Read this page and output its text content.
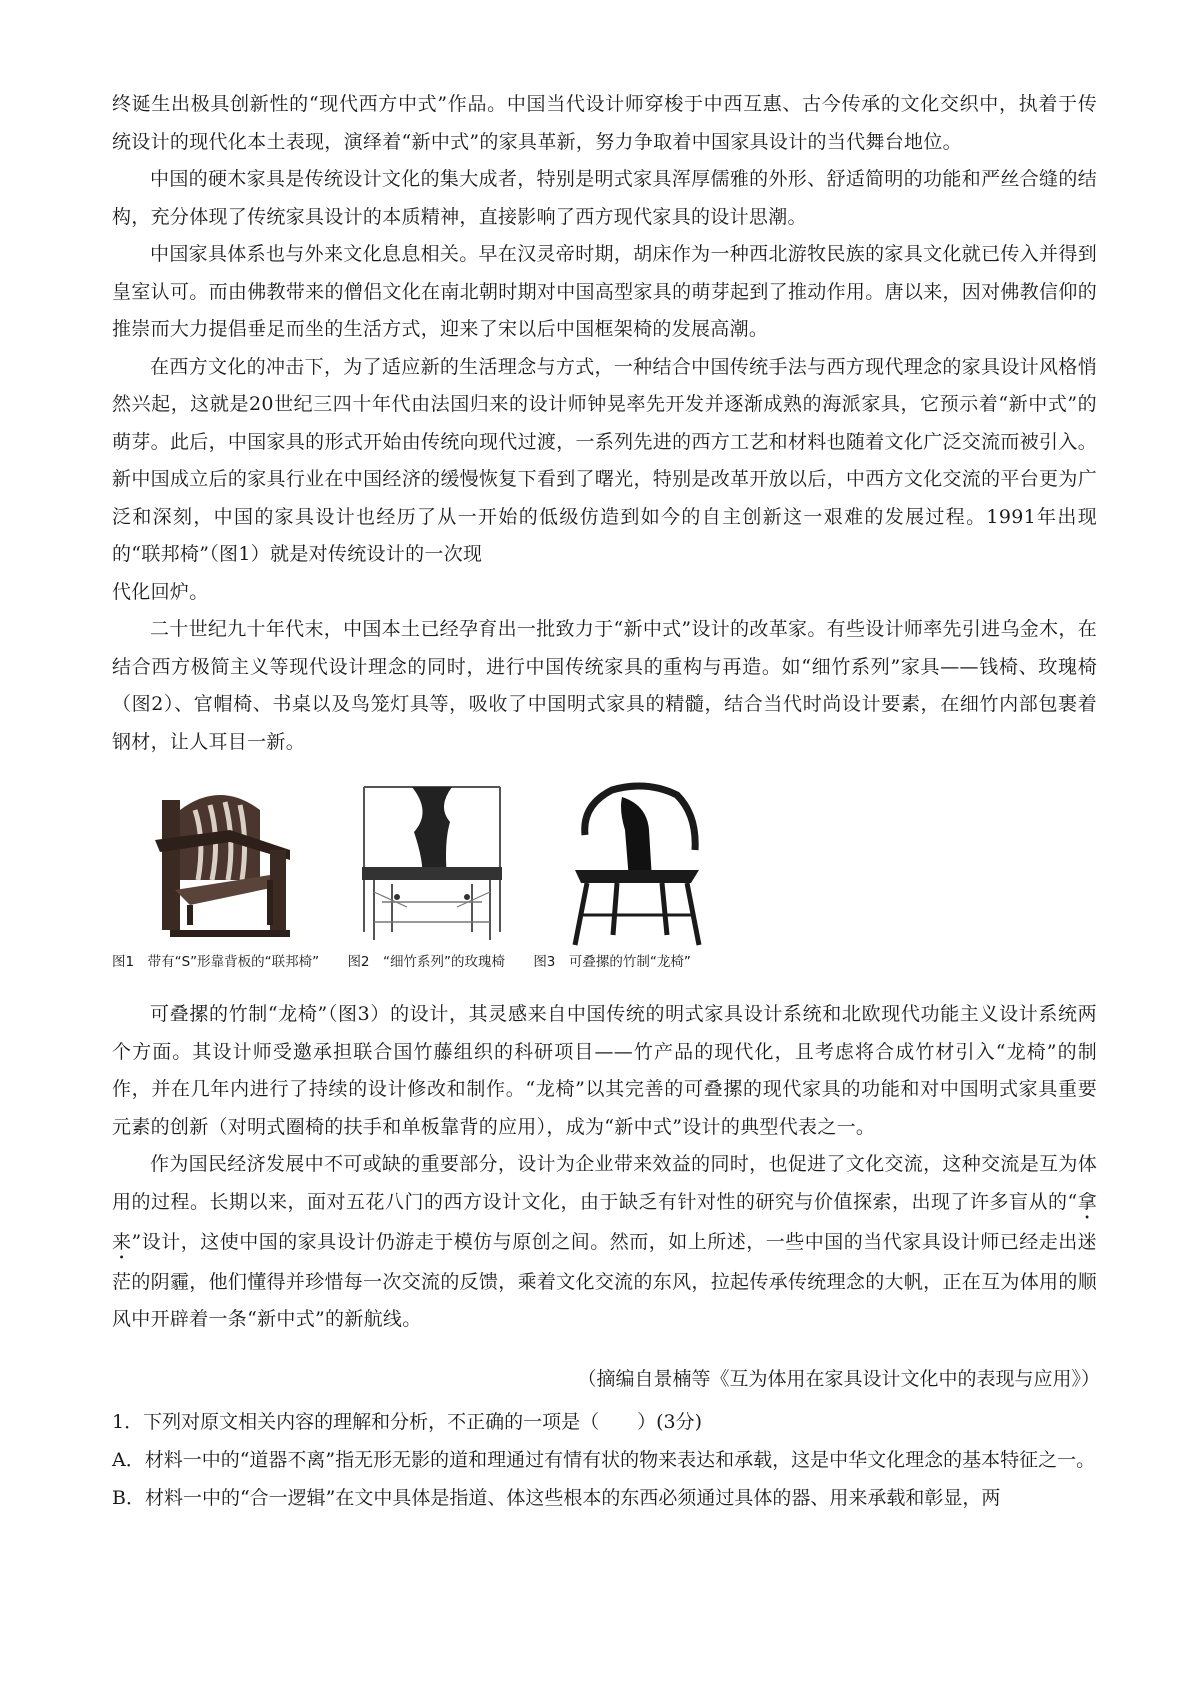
终诞生出极具创新性的“现代西方中式”作品。中国当代设计师穿梭于中西互惠、古今传承的文化交织中，执着于传统设计的现代化本土表现，演绎着“新中式”的家具革新，努力争取着中国家具设计的当代舞台地位。

中国的硬木家具是传统设计文化的集大成者，特别是明式家具浑厚儒雅的外形、舒适简明的功能和严丝合缝的结构，充分体现了传统家具设计的本质精神，直接影响了西方现代家具的设计思潮。

中国家具体系也与外来文化息息相关。早在汉灵帝时期，胡床作为一种西北游牧民族的家具文化就已传入并得到皇室认可。而由佛教带来的僧侣文化在南北朝时期对中国高型家具的萌芽起到了推动作用。唐以来，因对佛教信仰的推崇而大力提倡垂足而坐的生活方式，迎来了宋以后中国框架椅的发展高潮。

在西方文化的冲击下，为了适应新的生活理念与方式，一种结合中国传统手法与西方现代理念的家具设计风格悄然兴起，这就是20世纪三四十年代由法国归来的设计师钟晃率先开发并逐渐成熟的海派家具，它预示着“新中式”的萌芽。此后，中国家具的形式开始由传统向现代过渡，一系列先进的西方工艺和材料也随着文化广泛交流而被引入。新中国成立后的家具行业在中国经济的缓慢恢复下看到了曙光，特别是改革开放以后，中西方文化交流的平台更为广泛和深刻，中国的家具设计也经历了从一开始的低级仿造到如今的自主创新这一艰难的发展过程。1991年出现的“联邦椅”（图1）就是对传统设计的一次现

代化回炉。

二十世纪九十年代末，中国本土已经孕育出一批致力于“新中式”设计的改革家。有些设计师率先引进乌金木，在结合西方极简主义等现代设计理念的同时，进行中国传统家具的重构与再造。如“细竹系列”家具——钱椅、玫瑰椅（图2）、官帽椅、书桌以及鸟笼灯具等，吸收了中国明式家具的精髓，结合当代时尚设计要素，在细竹内部包裹着钢材，让人耳目一新。

图1　带有“S”形靠背板的“联邦椅” 图2　“细竹系列”的玫瑰椅 图3　可叠摞的竹制“龙椅”

可叠摞的竹制“龙椅”（图3）的设计，其灵感来自中国传统的明式家具设计系统和北欧现代功能主义设计系统两个方面。其设计师受邀承担联合国竹藤组织的科研项目——竹产品的现代化，且考虑将合成竹材引入“龙椅”的制作，并在几年内进行了持续的设计修改和制作。“龙椅”以其完善的可叠摞的现代家具的功能和对中国明式家具重要元素的创新（对明式圈椅的扶手和单板靠背的应用），成为“新中式”设计的典型代表之一。

作为国民经济发展中不可或缺的重要部分，设计为企业带来效益的同时，也促进了文化交流，这种交流是互为体用的过程。长期以来，面对五花八门的西方设计文化，由于缺乏有针对性的研究与价值探索，出现了许多盲从的“拿来”设计，这使中国的家具设计仍游走于模仿与原创之间。然而，如上所述，一些中国的当代家具设计师已经走出迷茫的阴霾，他们懂得并珍惜每一次交流的反馈，乘着文化交流的东风，拉起传承传统理念的大帆，正在互为体用的顺风中开辟着一条“新中式”的新航线。

（摘编自景楠等《互为体用在家具设计文化中的表现与应用》）

1．下列对原文相关内容的理解和分析，不正确的一项是（　　）(3分)

A．材料一中的“道器不离”指无形无影的道和理通过有情有状的物来表达和承载，这是中华文化理念的基本特征之一。

B．材料一中的“合一逻辑”在文中具体是指道、体这些根本的东西必须通过具体的器、用来承载和彰显，两
